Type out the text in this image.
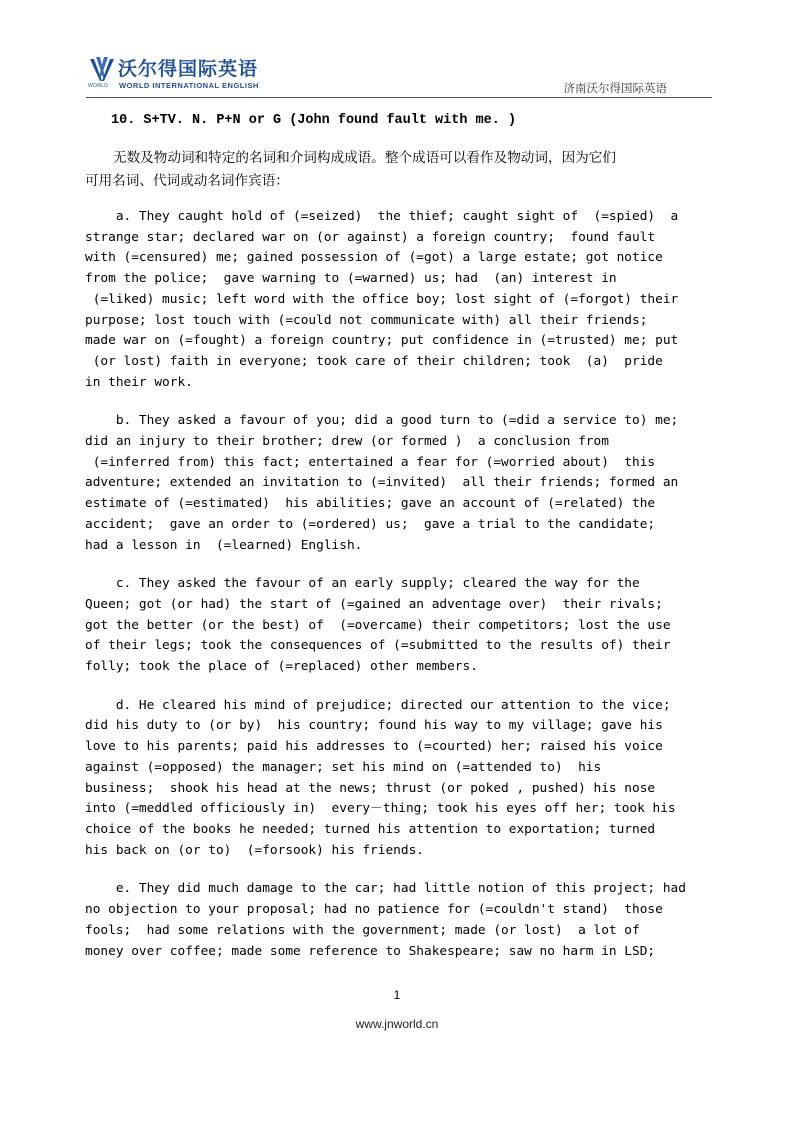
WORLD
沃尔得国际英语
WORLD INTERNATIONAL ENGLISH	济南沃尔得国际英语
10. S+TV. N. P+N or G (John found fault with me. )
无数及物动词和特定的名词和介词构成成语。整个成语可以看作及物动词，因为它们
可用名词、代词或动名词作宾语：
a. They caught hold of (=seized)  the thief; caught sight of  (=spied)  a
strange star; declared war on (or against) a foreign country;  found fault
with (=censured) me; gained possession of (=got) a large estate; got notice
from the police;  gave warning to (=warned) us; had  (an) interest in
(=liked) music; left word with the office boy; lost sight of (=forgot) their
purpose; lost touch with (=could not communicate with) all their friends;
made war on (=fought) a foreign country; put confidence in (=trusted) me; put
(or lost) faith in everyone; took care of their children; took  (a)  pride
in their work.
b. They asked a favour of you; did a good turn to (=did a service to) me;
did an injury to their brother; drew (or formed )  a conclusion from
(=inferred from) this fact; entertained a fear for (=worried about)  this
adventure; extended an invitation to (=invited)  all their friends; formed an
estimate of (=estimated)  his abilities; gave an account of (=related) the
accident;  gave an order to (=ordered) us;  gave a trial to the candidate;
had a lesson in  (=learned) English.
c. They asked the favour of an early supply; cleared the way for the
Queen; got (or had) the start of (=gained an adventage over)  their rivals;
got the better (or the best) of  (=overcame) their competitors; lost the use
of their legs; took the consequences of (=submitted to the results of) their
folly; took the place of (=replaced) other members.
d. He cleared his mind of prejudice; directed our attention to the vice;
did his duty to (or by)  his country; found his way to my village; gave his
love to his parents; paid his addresses to (=courted) her; raised his voice
against (=opposed) the manager; set his mind on (=attended to)  his
business;  shook his head at the news; thrust (or poked , pushed) his nose
into (=meddled officiously in)  every－thing; took his eyes off her; took his
choice of the books he needed; turned his attention to exportation; turned
his back on (or to)  (=forsook) his friends.
e. They did much damage to the car; had little notion of this project; had
no objection to your proposal; had no patience for (=couldn't stand)  those
fools;  had some relations with the government; made (or lost)  a lot of
money over coffee; made some reference to Shakespeare; saw no harm in LSD;
1
www.jnworld.cn
